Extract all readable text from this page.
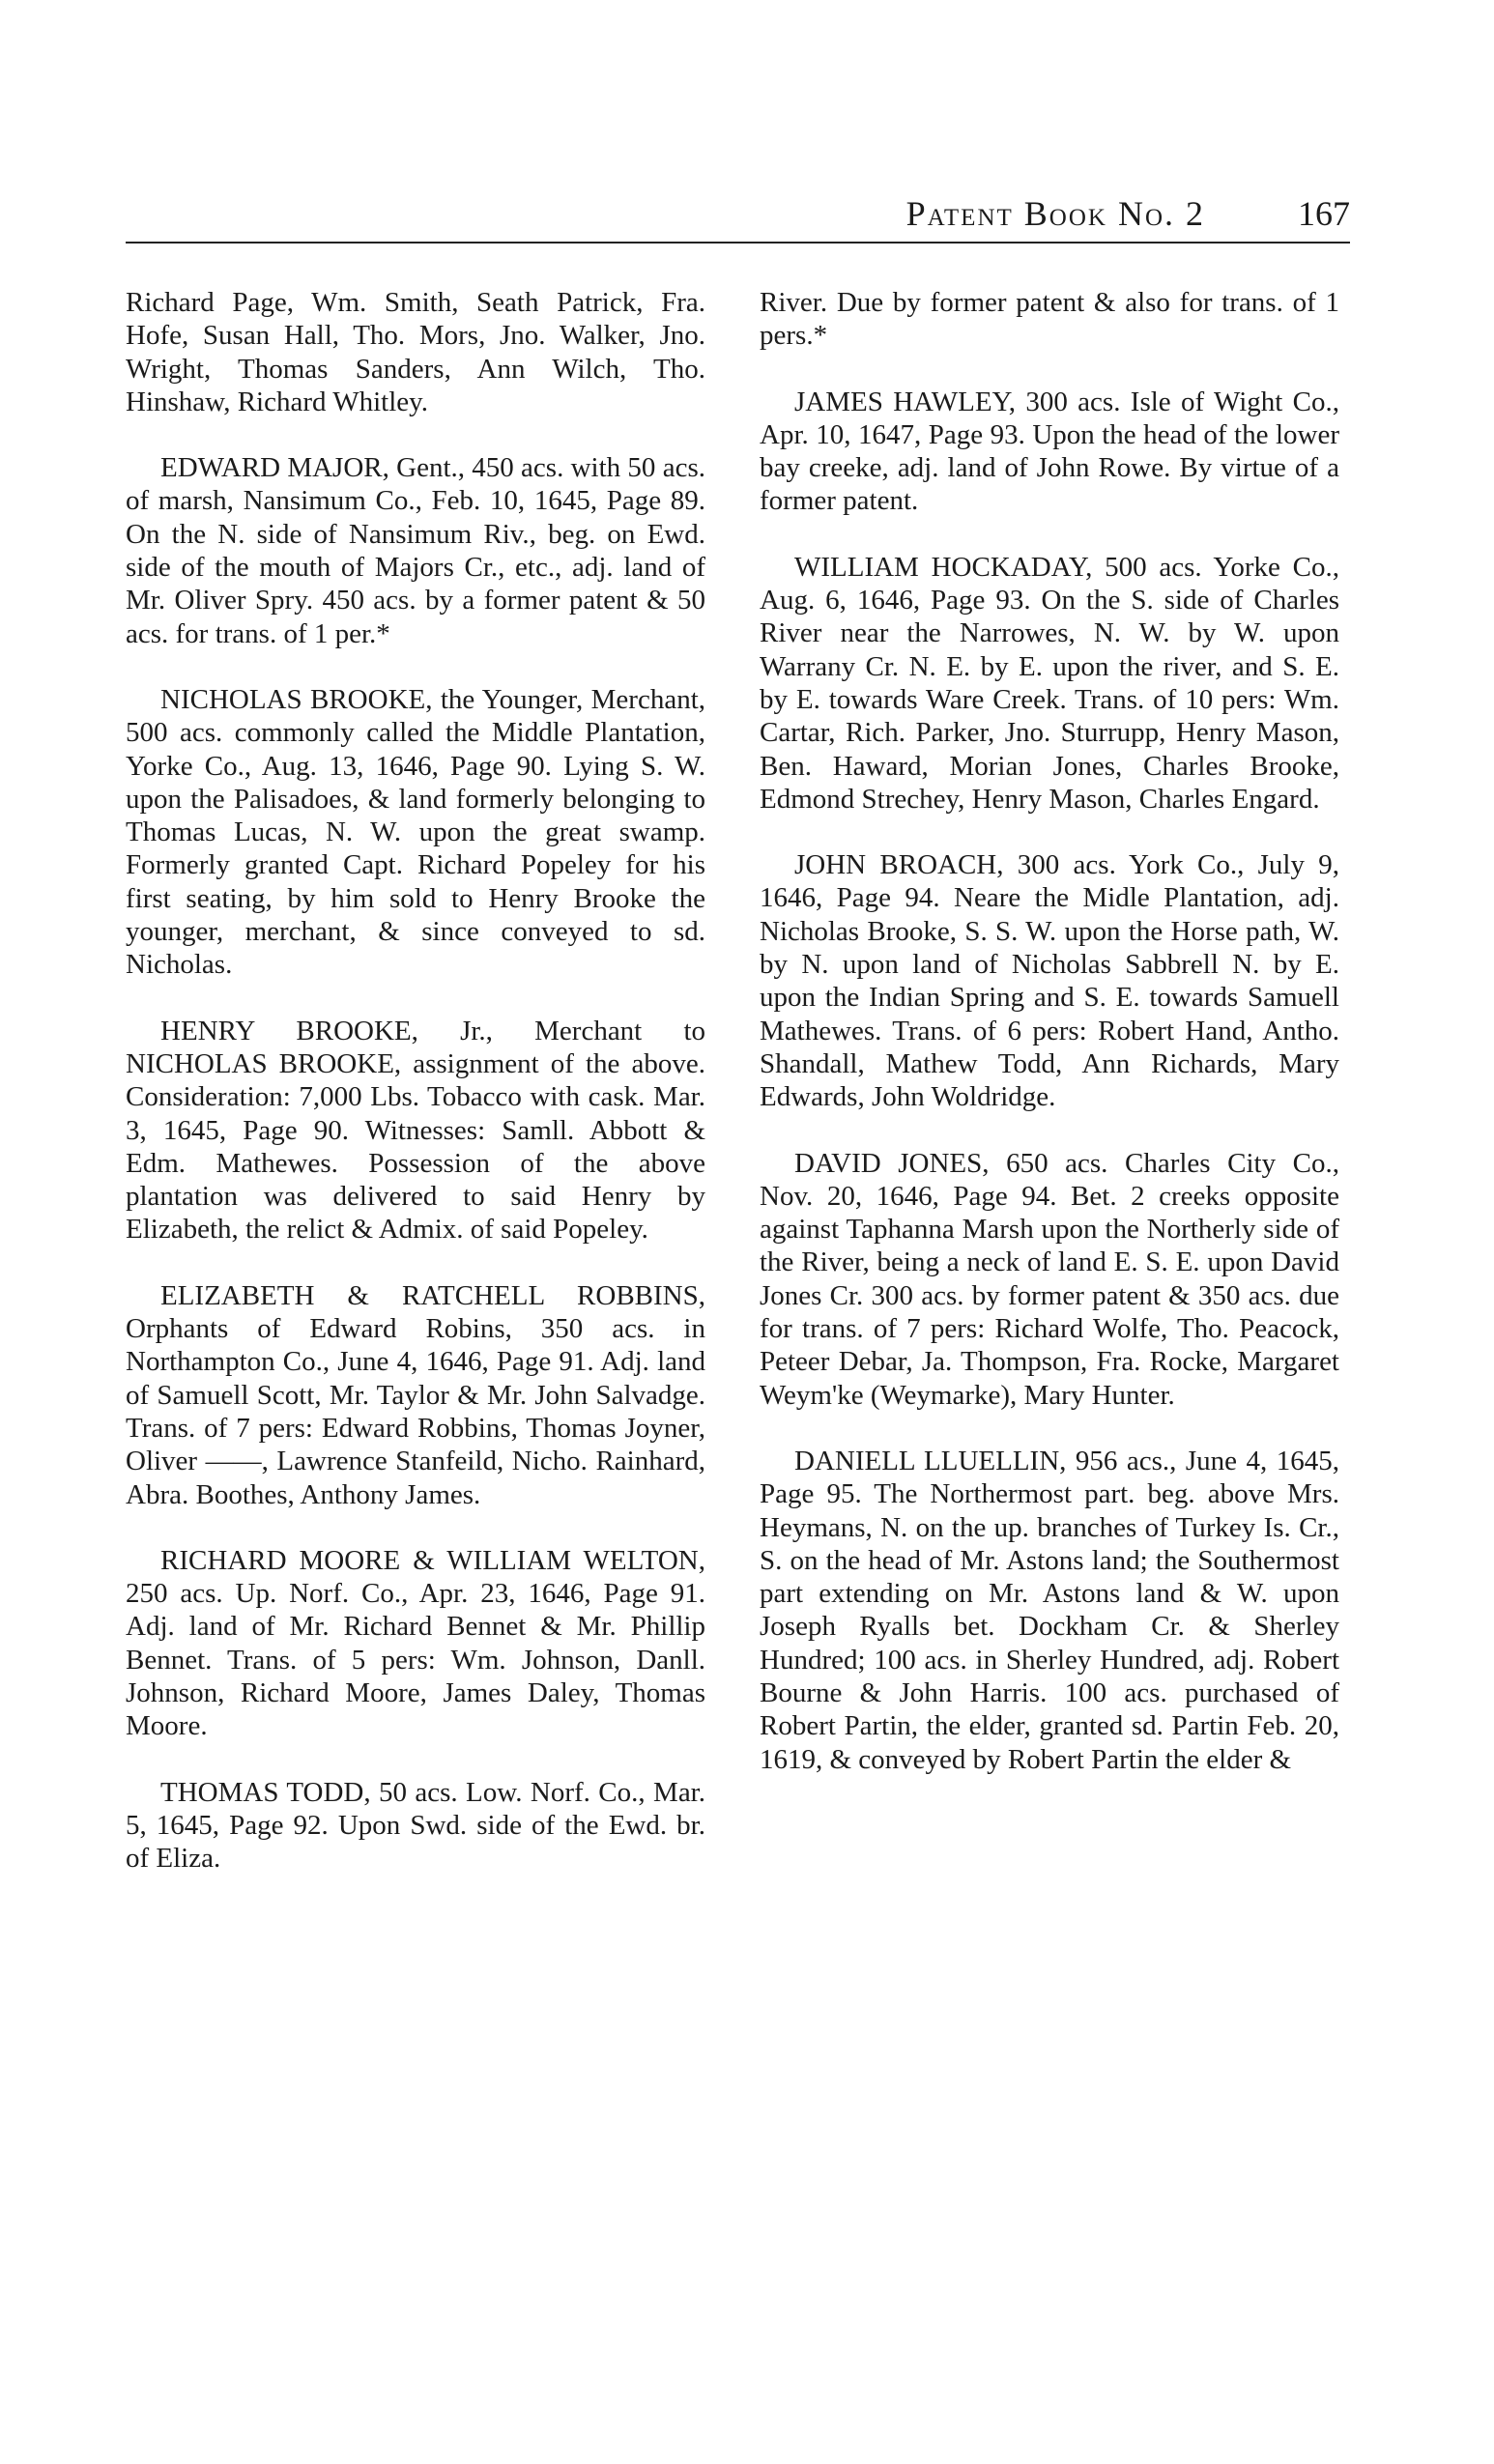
Patent Book No. 2	167

Richard Page, Wm. Smith, Seath Patrick, Fra. Hofe, Susan Hall, Tho. Mors, Jno. Walker, Jno. Wright, Thomas Sanders, Ann Wilch, Tho. Hinshaw, Richard Whitley.

EDWARD MAJOR, Gent., 450 acs. with 50 acs. of marsh, Nansimum Co., Feb. 10, 1645, Page 89. On the N. side of Nansimum Riv., beg. on Ewd. side of the mouth of Majors Cr., etc., adj. land of Mr. Oliver Spry. 450 acs. by a former patent & 50 acs. for trans. of 1 per.*

NICHOLAS BROOKE, the Younger, Merchant, 500 acs. commonly called the Middle Plantation, Yorke Co., Aug. 13, 1646, Page 90. Lying S. W. upon the Palisadoes, & land formerly belonging to Thomas Lucas, N. W. upon the great swamp. Formerly granted Capt. Richard Popeley for his first seating, by him sold to Henry Brooke the younger, merchant, & since conveyed to sd. Nicholas.

HENRY BROOKE, Jr., Merchant to NICHOLAS BROOKE, assignment of the above. Consideration: 7,000 Lbs. Tobacco with cask. Mar. 3, 1645, Page 90. Witnesses: Samll. Abbott & Edm. Mathewes. Possession of the above plantation was delivered to said Henry by Elizabeth, the relict & Admix. of said Popeley.

ELIZABETH & RATCHELL ROBBINS, Orphants of Edward Robins, 350 acs. in Northampton Co., June 4, 1646, Page 91. Adj. land of Samuell Scott, Mr. Taylor & Mr. John Salvadge. Trans. of 7 pers: Edward Robbins, Thomas Joyner, Oliver ——, Lawrence Stanfeild, Nicho. Rainhard, Abra. Boothes, Anthony James.

RICHARD MOORE & WILLIAM WELTON, 250 acs. Up. Norf. Co., Apr. 23, 1646, Page 91. Adj. land of Mr. Richard Bennet & Mr. Phillip Bennet. Trans. of 5 pers: Wm. Johnson, Danll. Johnson, Richard Moore, James Daley, Thomas Moore.

THOMAS TODD, 50 acs. Low. Norf. Co., Mar. 5, 1645, Page 92. Upon Swd. side of the Ewd. br. of Eliza.

River. Due by former patent & also for trans. of 1 pers.*

JAMES HAWLEY, 300 acs. Isle of Wight Co., Apr. 10, 1647, Page 93. Upon the head of the lower bay creeke, adj. land of John Rowe. By virtue of a former patent.

WILLIAM HOCKADAY, 500 acs. Yorke Co., Aug. 6, 1646, Page 93. On the S. side of Charles River near the Narrowes, N. W. by W. upon Warrany Cr. N. E. by E. upon the river, and S. E. by E. towards Ware Creek. Trans. of 10 pers: Wm. Cartar, Rich. Parker, Jno. Sturrupp, Henry Mason, Ben. Haward, Morian Jones, Charles Brooke, Edmond Strechey, Henry Mason, Charles Engard.

JOHN BROACH, 300 acs. York Co., July 9, 1646, Page 94. Neare the Midle Plantation, adj. Nicholas Brooke, S. S. W. upon the Horse path, W. by N. upon land of Nicholas Sabbrell N. by E. upon the Indian Spring and S. E. towards Samuell Mathewes. Trans. of 6 pers: Robert Hand, Antho. Shandall, Mathew Todd, Ann Richards, Mary Edwards, John Woldridge.

DAVID JONES, 650 acs. Charles City Co., Nov. 20, 1646, Page 94. Bet. 2 creeks opposite against Taphanna Marsh upon the Northerly side of the River, being a neck of land E. S. E. upon David Jones Cr. 300 acs. by former patent & 350 acs. due for trans. of 7 pers: Richard Wolfe, Tho. Peacock, Peteer Debar, Ja. Thompson, Fra. Rocke, Margaret Weym'ke (Weymarke), Mary Hunter.

DANIELL LLUELLIN, 956 acs., June 4, 1645, Page 95. The Northermost part. beg. above Mrs. Heymans, N. on the up. branches of Turkey Is. Cr., S. on the head of Mr. Astons land; the Southermost part extending on Mr. Astons land & W. upon Joseph Ryalls bet. Dockham Cr. & Sherley Hundred; 100 acs. in Sherley Hundred, adj. Robert Bourne & John Harris. 100 acs. purchased of Robert Partin, the elder, granted sd. Partin Feb. 20, 1619, & conveyed by Robert Partin the elder &
